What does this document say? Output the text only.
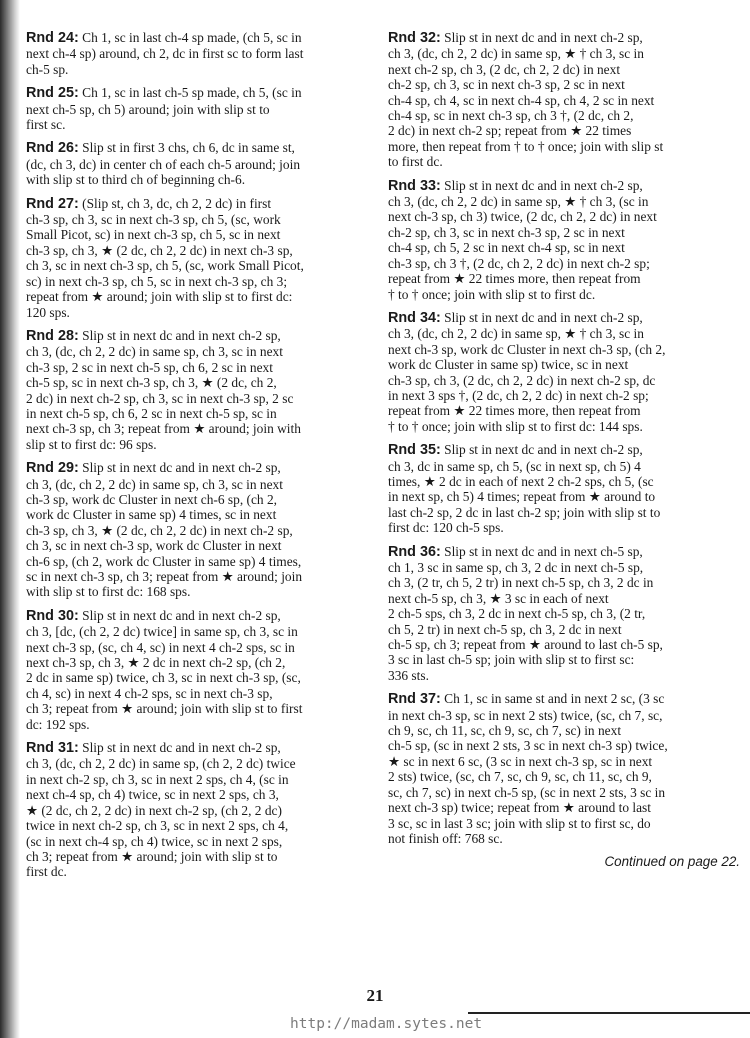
Rnd 24: Ch 1, sc in last ch-4 sp made, (ch 5, sc in
next ch-4 sp) around, ch 2, dc in first sc to form last
ch-5 sp.

Rnd 25: Ch 1, sc in last ch-5 sp made, ch 5, (sc in
next ch-5 sp, ch 5) around; join with slip st to
first sc.

Rnd 26: Slip st in first 3 chs, ch 6, dc in same st,
(dc, ch 3, dc) in center ch of each ch-5 around; join
with slip st to third ch of beginning ch-6.

Rnd 27: (Slip st, ch 3, dc, ch 2, 2 dc) in first
ch-3 sp, ch 3, sc in next ch-3 sp, ch 5, (sc, work
Small Picot, sc) in next ch-3 sp, ch 5, sc in next
ch-3 sp, ch 3, ★ (2 dc, ch 2, 2 dc) in next ch-3 sp,
ch 3, sc in next ch-3 sp, ch 5, (sc, work Small Picot,
sc) in next ch-3 sp, ch 5, sc in next ch-3 sp, ch 3;
repeat from ★ around; join with slip st to first dc:
120 sps.

Rnd 28: Slip st in next dc and in next ch-2 sp,
ch 3, (dc, ch 2, 2 dc) in same sp, ch 3, sc in next
ch-3 sp, 2 sc in next ch-5 sp, ch 6, 2 sc in next
ch-5 sp, sc in next ch-3 sp, ch 3, ★ (2 dc, ch 2,
2 dc) in next ch-2 sp, ch 3, sc in next ch-3 sp, 2 sc
in next ch-5 sp, ch 6, 2 sc in next ch-5 sp, sc in
next ch-3 sp, ch 3; repeat from ★ around; join with
slip st to first dc: 96 sps.

Rnd 29: Slip st in next dc and in next ch-2 sp,
ch 3, (dc, ch 2, 2 dc) in same sp, ch 3, sc in next
ch-3 sp, work dc Cluster in next ch-6 sp, (ch 2,
work dc Cluster in same sp) 4 times, sc in next
ch-3 sp, ch 3, ★ (2 dc, ch 2, 2 dc) in next ch-2 sp,
ch 3, sc in next ch-3 sp, work dc Cluster in next
ch-6 sp, (ch 2, work dc Cluster in same sp) 4 times,
sc in next ch-3 sp, ch 3; repeat from ★ around; join
with slip st to first dc: 168 sps.

Rnd 30: Slip st in next dc and in next ch-2 sp,
ch 3, [dc, (ch 2, 2 dc) twice] in same sp, ch 3, sc in
next ch-3 sp, (sc, ch 4, sc) in next 4 ch-2 sps, sc in
next ch-3 sp, ch 3, ★ 2 dc in next ch-2 sp, (ch 2,
2 dc in same sp) twice, ch 3, sc in next ch-3 sp, (sc,
ch 4, sc) in next 4 ch-2 sps, sc in next ch-3 sp,
ch 3; repeat from ★ around; join with slip st to first
dc: 192 sps.

Rnd 31: Slip st in next dc and in next ch-2 sp,
ch 3, (dc, ch 2, 2 dc) in same sp, (ch 2, 2 dc) twice
in next ch-2 sp, ch 3, sc in next 2 sps, ch 4, (sc in
next ch-4 sp, ch 4) twice, sc in next 2 sps, ch 3,
★ (2 dc, ch 2, 2 dc) in next ch-2 sp, (ch 2, 2 dc)
twice in next ch-2 sp, ch 3, sc in next 2 sps, ch 4,
(sc in next ch-4 sp, ch 4) twice, sc in next 2 sps,
ch 3; repeat from ★ around; join with slip st to
first dc.

Rnd 32: Slip st in next dc and in next ch-2 sp,
ch 3, (dc, ch 2, 2 dc) in same sp, ★ † ch 3, sc in
next ch-2 sp, ch 3, (2 dc, ch 2, 2 dc) in next
ch-2 sp, ch 3, sc in next ch-3 sp, 2 sc in next
ch-4 sp, ch 4, sc in next ch-4 sp, ch 4, 2 sc in next
ch-4 sp, sc in next ch-3 sp, ch 3 †, (2 dc, ch 2,
2 dc) in next ch-2 sp; repeat from ★ 22 times
more, then repeat from † to † once; join with slip st
to first dc.

Rnd 33: Slip st in next dc and in next ch-2 sp,
ch 3, (dc, ch 2, 2 dc) in same sp, ★ † ch 3, (sc in
next ch-3 sp, ch 3) twice, (2 dc, ch 2, 2 dc) in next
ch-2 sp, ch 3, sc in next ch-3 sp, 2 sc in next
ch-4 sp, ch 5, 2 sc in next ch-4 sp, sc in next
ch-3 sp, ch 3 †, (2 dc, ch 2, 2 dc) in next ch-2 sp;
repeat from ★ 22 times more, then repeat from
† to † once; join with slip st to first dc.

Rnd 34: Slip st in next dc and in next ch-2 sp,
ch 3, (dc, ch 2, 2 dc) in same sp, ★ † ch 3, sc in
next ch-3 sp, work dc Cluster in next ch-3 sp, (ch 2,
work dc Cluster in same sp) twice, sc in next
ch-3 sp, ch 3, (2 dc, ch 2, 2 dc) in next ch-2 sp, dc
in next 3 sps †, (2 dc, ch 2, 2 dc) in next ch-2 sp;
repeat from ★ 22 times more, then repeat from
† to † once; join with slip st to first dc: 144 sps.

Rnd 35: Slip st in next dc and in next ch-2 sp,
ch 3, dc in same sp, ch 5, (sc in next sp, ch 5) 4
times, ★ 2 dc in each of next 2 ch-2 sps, ch 5, (sc
in next sp, ch 5) 4 times; repeat from ★ around to
last ch-2 sp, 2 dc in last ch-2 sp; join with slip st to
first dc: 120 ch-5 sps.

Rnd 36: Slip st in next dc and in next ch-5 sp,
ch 1, 3 sc in same sp, ch 3, 2 dc in next ch-5 sp,
ch 3, (2 tr, ch 5, 2 tr) in next ch-5 sp, ch 3, 2 dc in
next ch-5 sp, ch 3, ★ 3 sc in each of next
2 ch-5 sps, ch 3, 2 dc in next ch-5 sp, ch 3, (2 tr,
ch 5, 2 tr) in next ch-5 sp, ch 3, 2 dc in next
ch-5 sp, ch 3; repeat from ★ around to last ch-5 sp,
3 sc in last ch-5 sp; join with slip st to first sc:
336 sts.

Rnd 37: Ch 1, sc in same st and in next 2 sc, (3 sc
in next ch-3 sp, sc in next 2 sts) twice, (sc, ch 7, sc,
ch 9, sc, ch 11, sc, ch 9, sc, ch 7, sc) in next
ch-5 sp, (sc in next 2 sts, 3 sc in next ch-3 sp) twice,
★ sc in next 6 sc, (3 sc in next ch-3 sp, sc in next
2 sts) twice, (sc, ch 7, sc, ch 9, sc, ch 11, sc, ch 9,
sc, ch 7, sc) in next ch-5 sp, (sc in next 2 sts, 3 sc in
next ch-3 sp) twice; repeat from ★ around to last
3 sc, sc in last 3 sc; join with slip st to first sc, do
not finish off: 768 sc.

Continued on page 22.
21
http://madam.sytes.net
